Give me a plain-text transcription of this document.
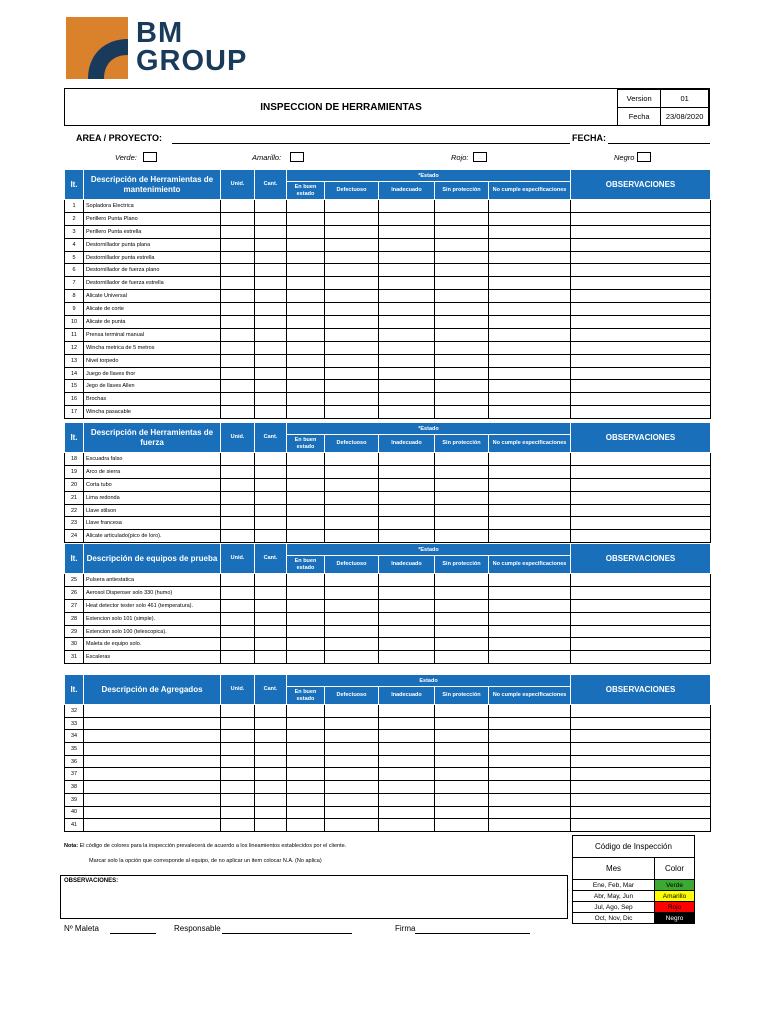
BM
GROUP
INSPECCION DE HERRAMIENTAS
Version	01
Fecha	23/08/2020
AREA / PROYECTO:	FECHA:
Verde:	Amarillo:	Rojo:	Negro
It.	Descripción de Herramientas de mantenimiento	Unid.	Cant.	*Estado					OBSERVACIONES
				En buen estado	Defectuoso	Inadecuado	Sin protección	No cumple especificaciones	
1	Sopladora Electrica								
2	Perillero Punta Plano								
3	Perillero Punta estrella								
4	Destornillador punta plana								
5	Destornillador punta estrella								
6	Destornillador de fuerza plano								
7	Destornillador de fuerza estrella								
8	Alicate Universal								
9	Alicate de corte								
10	Alicate de punta								
11	Prensa terminal manual								
12	Wincha metrica de 5 metros								
13	Nivel torpedo								
14	Juego de llaves thor								
15	Jego de llaves Allen								
16	Brochas								
17	Wincha pasacable								
It.	Descripción de Herramientas de fuerza	Unid.	Cant.	*Estado					OBSERVACIONES
				En buen estado	Defectuoso	Inadecuado	Sin protección	No cumple especificaciones	
18	Escuadra falso								
19	Arco de sierra								
20	Corta tubo								
21	Lima redonda								
22	Llave stilson								
23	Llave francesa								
24	Alicate articulado(pico de loro).								
It.	Descripción de equipos de prueba	Unid.	Cant.	*Estado					OBSERVACIONES
				En buen estado	Defectuoso	Inadecuado	Sin protección	No cumple especificaciones	
25	Pulsera antiestatica								
26	Aerosol Dispenser solo 330 (humo)								
27	Heat detector tester solo 461 (temperatura).								
28	Extencion solo 101 (simple).								
29	Extencion solo 100 (telescopica).								
30	Maleta de equipo solo.								
31	Escaleras								
It.	Descripción de Agregados	Unid.	Cant.	Estado					OBSERVACIONES
				En buen estado	Defectuoso	Inadecuado	Sin protección	No cumple especificaciones	
32									
33									
34									
35									
36									
37									
38									
39									
40									
41									
Nota: El código de colores para la inspección prevalecerá de acuerdo a los lineamientos establecidos por el cliente.
Marcar solo la opción que corresponde al equipo, de no aplicar un item colocar N.A. (No aplica)
OBSERVACIONES:
Código de Inspección	
Mes	Color
Ene, Feb, Mar	Verde
Abr, May, Jun	Amarillo
Jul, Ago, Sep	Rojo
Oct, Nov, Dic	Negro
Nº Maleta	Responsable	Firma
